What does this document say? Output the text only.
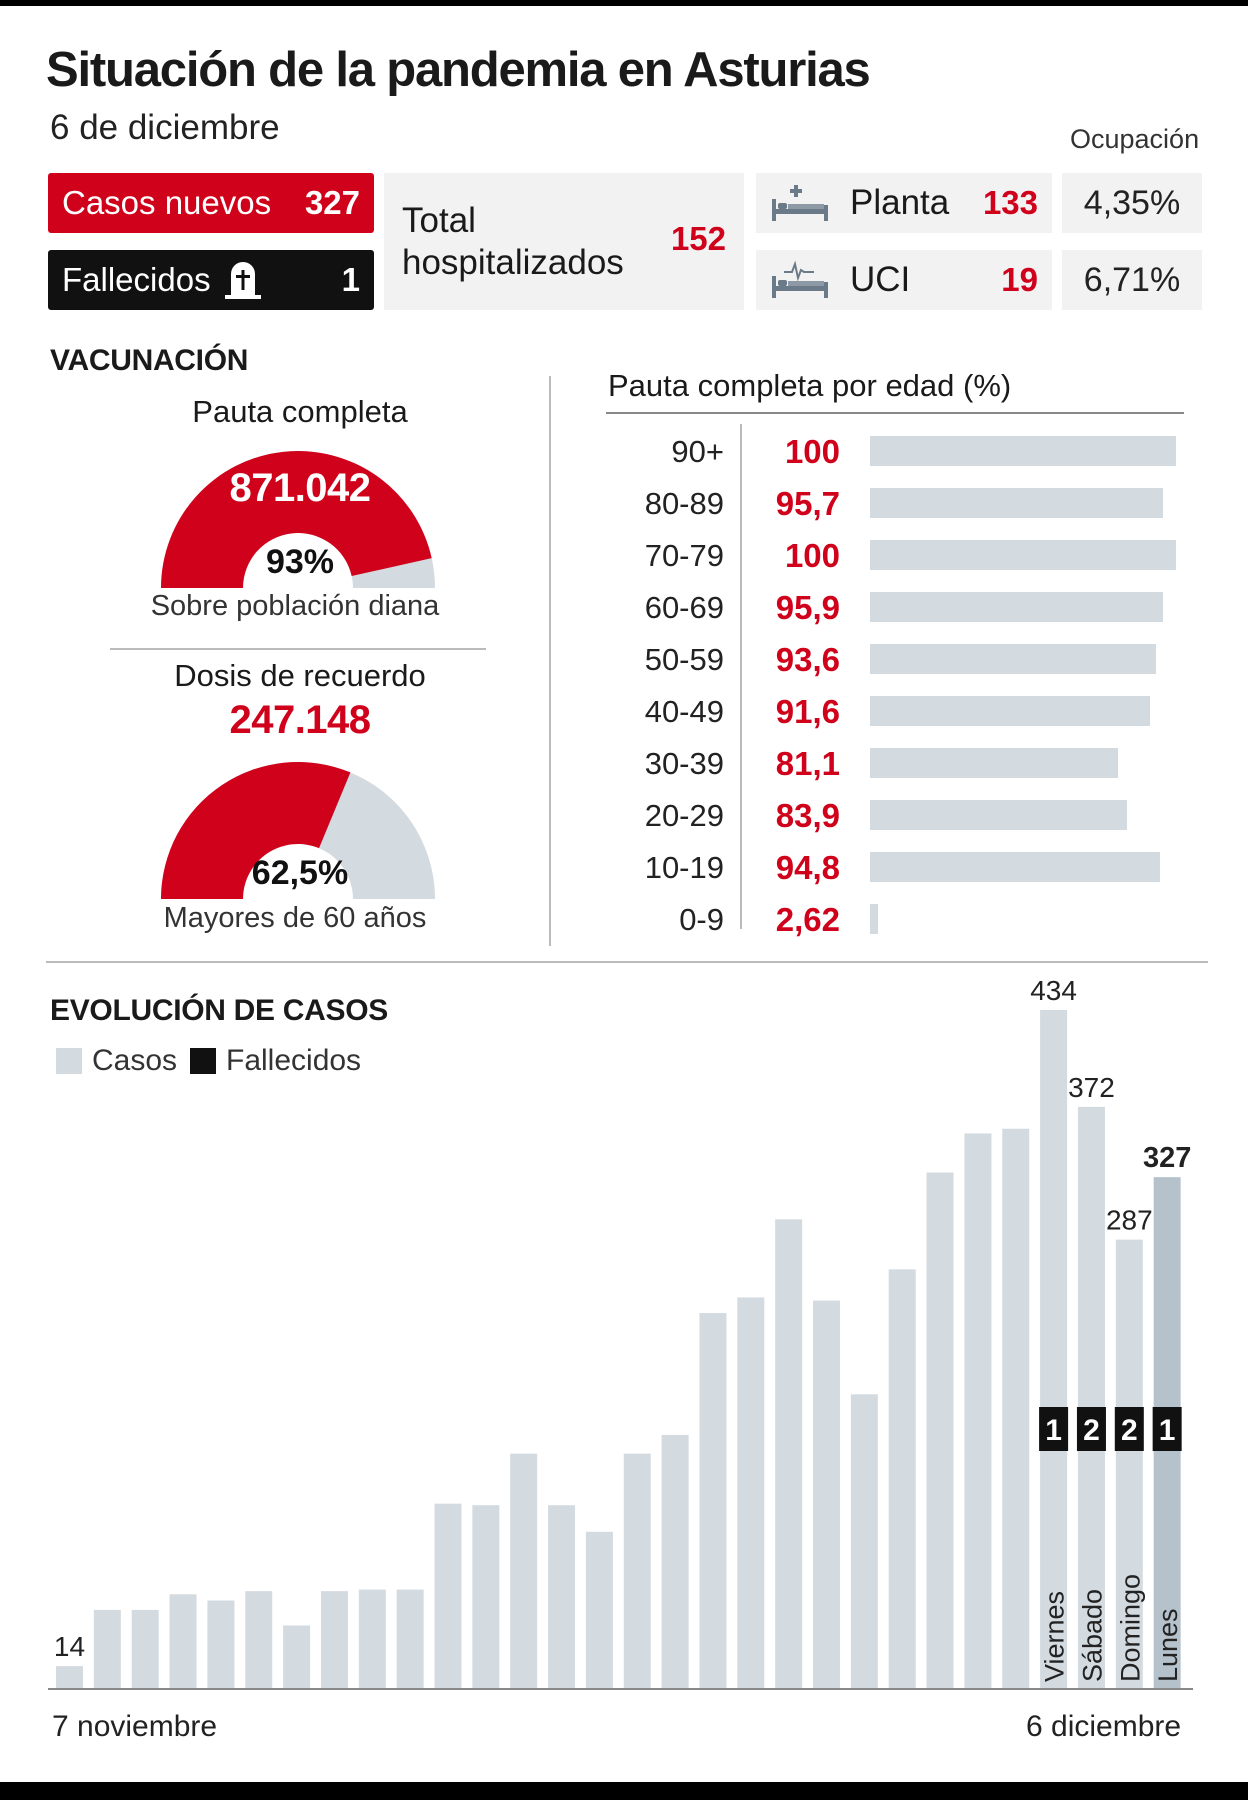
Situación de la pandemia en Asturias
6 de diciembre	Ocupación
Casos nuevos 327
Fallecidos	1
Total hospitalizados
152
Planta 133
UCI	19
4,35%
6,71%
VACUNACIÓN
Pauta completa
871.042
93%
Sobre población diana
Dosis de recuerdo
247.148
62,5%
Mayores de 60 años
Pauta completa por edad (%)
90+	100
80-89	95,7
70-79	100
60-69	95,9
50-59	93,6
40-49	91,6
30-39	81,1
20-29	83,9
10-19	94,8
0-9	2,62
EVOLUCIÓN DE CASOS
Casos Fallecidos
14
434
372
287
327
1 2 2 1
Viernes Sábado Domingo Lunes
7 noviembre	6 diciembre
